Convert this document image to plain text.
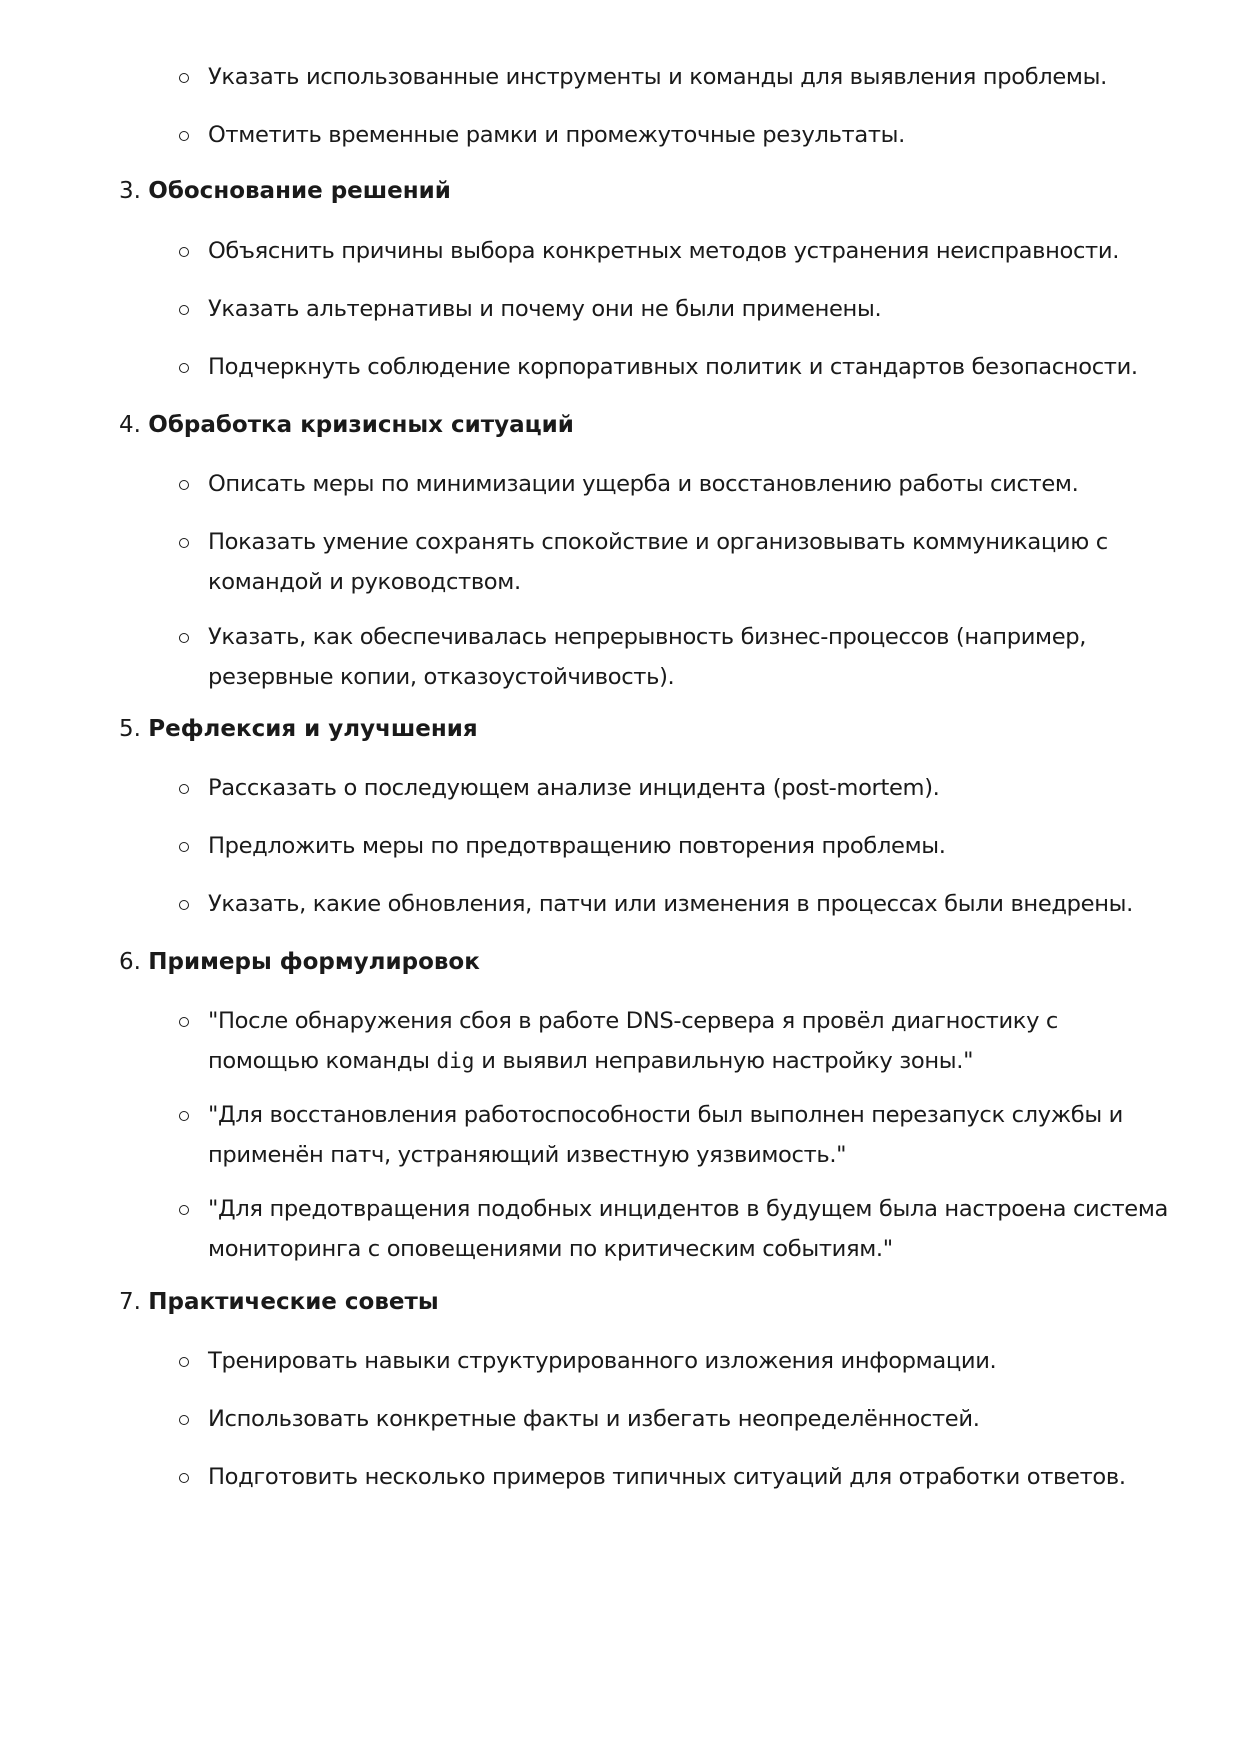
Указать использованные инструменты и команды для выявления проблемы.
Отметить временные рамки и промежуточные результаты.
3. Обоснование решений
Объяснить причины выбора конкретных методов устранения неисправности.
Указать альтернативы и почему они не были применены.
Подчеркнуть соблюдение корпоративных политик и стандартов безопасности.
4. Обработка кризисных ситуаций
Описать меры по минимизации ущерба и восстановлению работы систем.
Показать умение сохранять спокойствие и организовывать коммуникацию с командой и руководством.
Указать, как обеспечивалась непрерывность бизнес-процессов (например, резервные копии, отказоустойчивость).
5. Рефлексия и улучшения
Рассказать о последующем анализе инцидента (post-mortem).
Предложить меры по предотвращению повторения проблемы.
Указать, какие обновления, патчи или изменения в процессах были внедрены.
6. Примеры формулировок
"После обнаружения сбоя в работе DNS-сервера я провёл диагностику с помощью команды dig и выявил неправильную настройку зоны."
"Для восстановления работоспособности был выполнен перезапуск службы и применён патч, устраняющий известную уязвимость."
"Для предотвращения подобных инцидентов в будущем была настроена система мониторинга с оповещениями по критическим событиям."
7. Практические советы
Тренировать навыки структурированного изложения информации.
Использовать конкретные факты и избегать неопределённостей.
Подготовить несколько примеров типичных ситуаций для отработки ответов.
